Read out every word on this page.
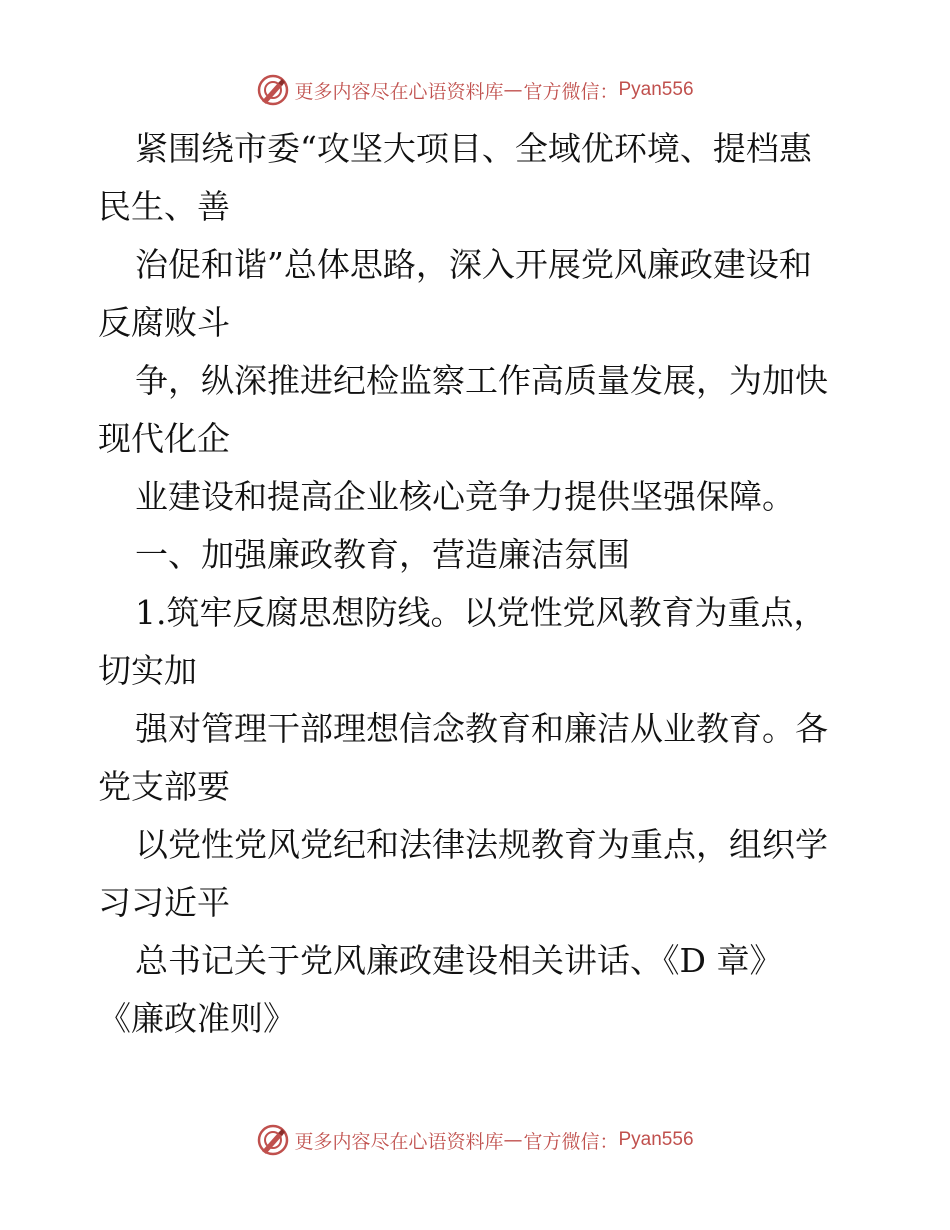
更多内容尽在心语资料库 — 官方微信： Pyan556
紧围绕市委“攻坚大项目、全域优环境、提档惠
民生、善
治促和谐”总体思路，深入开展党风廉政建设和
反腐败斗
争，纵深推进纪检监察工作高质量发展，为加快
现代化企
业建设和提高企业核心竞争力提供坚强保障。
一、加强廉政教育，营造廉洁氛围
1.筑牢反腐思想防线。以党性党风教育为重点，
切实加
强对管理干部理想信念教育和廉洁从业教育。各
党支部要
以党性党风党纪和法律法规教育为重点，组织学
习习近平
总书记关于党风廉政建设相关讲话、《D 章》
《廉政准则》
更多内容尽在心语资料库 — 官方微信： Pyan556
